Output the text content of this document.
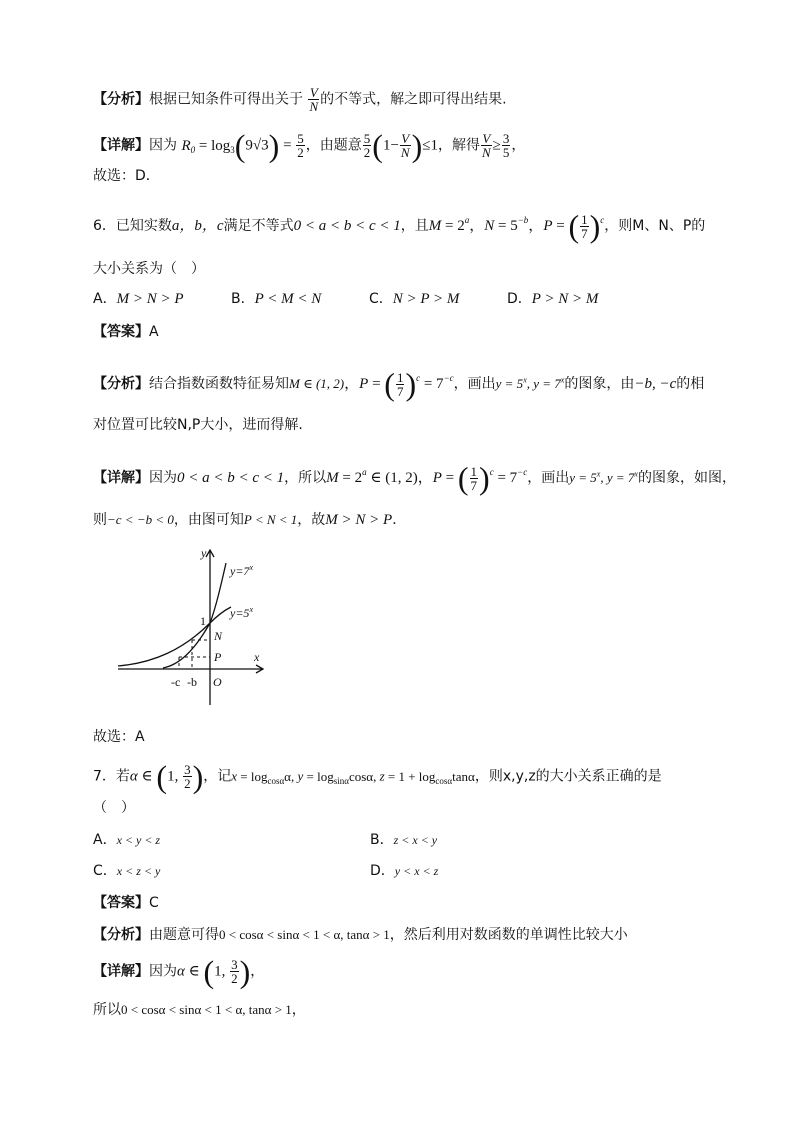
【分析】根据已知条件可得出关于 $\frac{V}{N}$ 的不等式，解之即可得出结果.
【详解】因为 $R_0 = \log_3(9√3) = \frac{5}{2}$ ，由题意 $\frac{5}{2} (1- \frac{V}{N} )\le 1$，解得 $\frac{V}{N} \ge \frac{3}{5}$ ，
故选：D．
6．已知实数a，b，c满足不等式0 < a < b < c < 1，且$M = 2^a$，$N = 5^{-b}$，P = ( $\frac{1}{7} )^c$，则M、N、P的
大小关系为（　）
A．M > N > P	B．P < M < N	C．N > P > M	D．P > N > M
【答案】A
【分析】结合指数函数特征易知M ∈ (1, 2)，P = ( $\frac{1}{7} )^c = 7^{-c}$，画出$y = 5^x$, $y = 7^x$的图象，由−b, −c的相
对位置可比较N,P大小，进而得解.
【详解】因为0 < a < b < c < 1，所以$M = 2^a$ ∈ (1, 2)，P = ( $\frac{1}{7} )^c = 7^{-c}$，画出$y = 5^x$, $y = 7^x$的图象，如图，
则−c < −b < 0，由图可知P < N < 1，故M > N > P．
y
x
$y=7^x$
$y=5^x$
1
N
P
O
-c -b
故选：A
7．若α ∈ (1, $\frac{3}{2}$ )，记$x = \log_{cos\alpha}\alpha$, $y = \log_{sin\alpha}\cos\alpha$, $z = 1 + \log_{cos\alpha}\tan\alpha$，则x,y,z的大小关系正确的是
（　）
A．x < y < z	B．z < x < y
C．x < z < y	D．y < x < z
【答案】C
【分析】由题意可得0 < cosα < sinα < 1 < α, tanα > 1，然后利用对数函数的单调性比较大小
【详解】因为α ∈ (1, $\frac{3}{2}$ )，
所以0 < cosα < sinα < 1 < α, tanα > 1，
